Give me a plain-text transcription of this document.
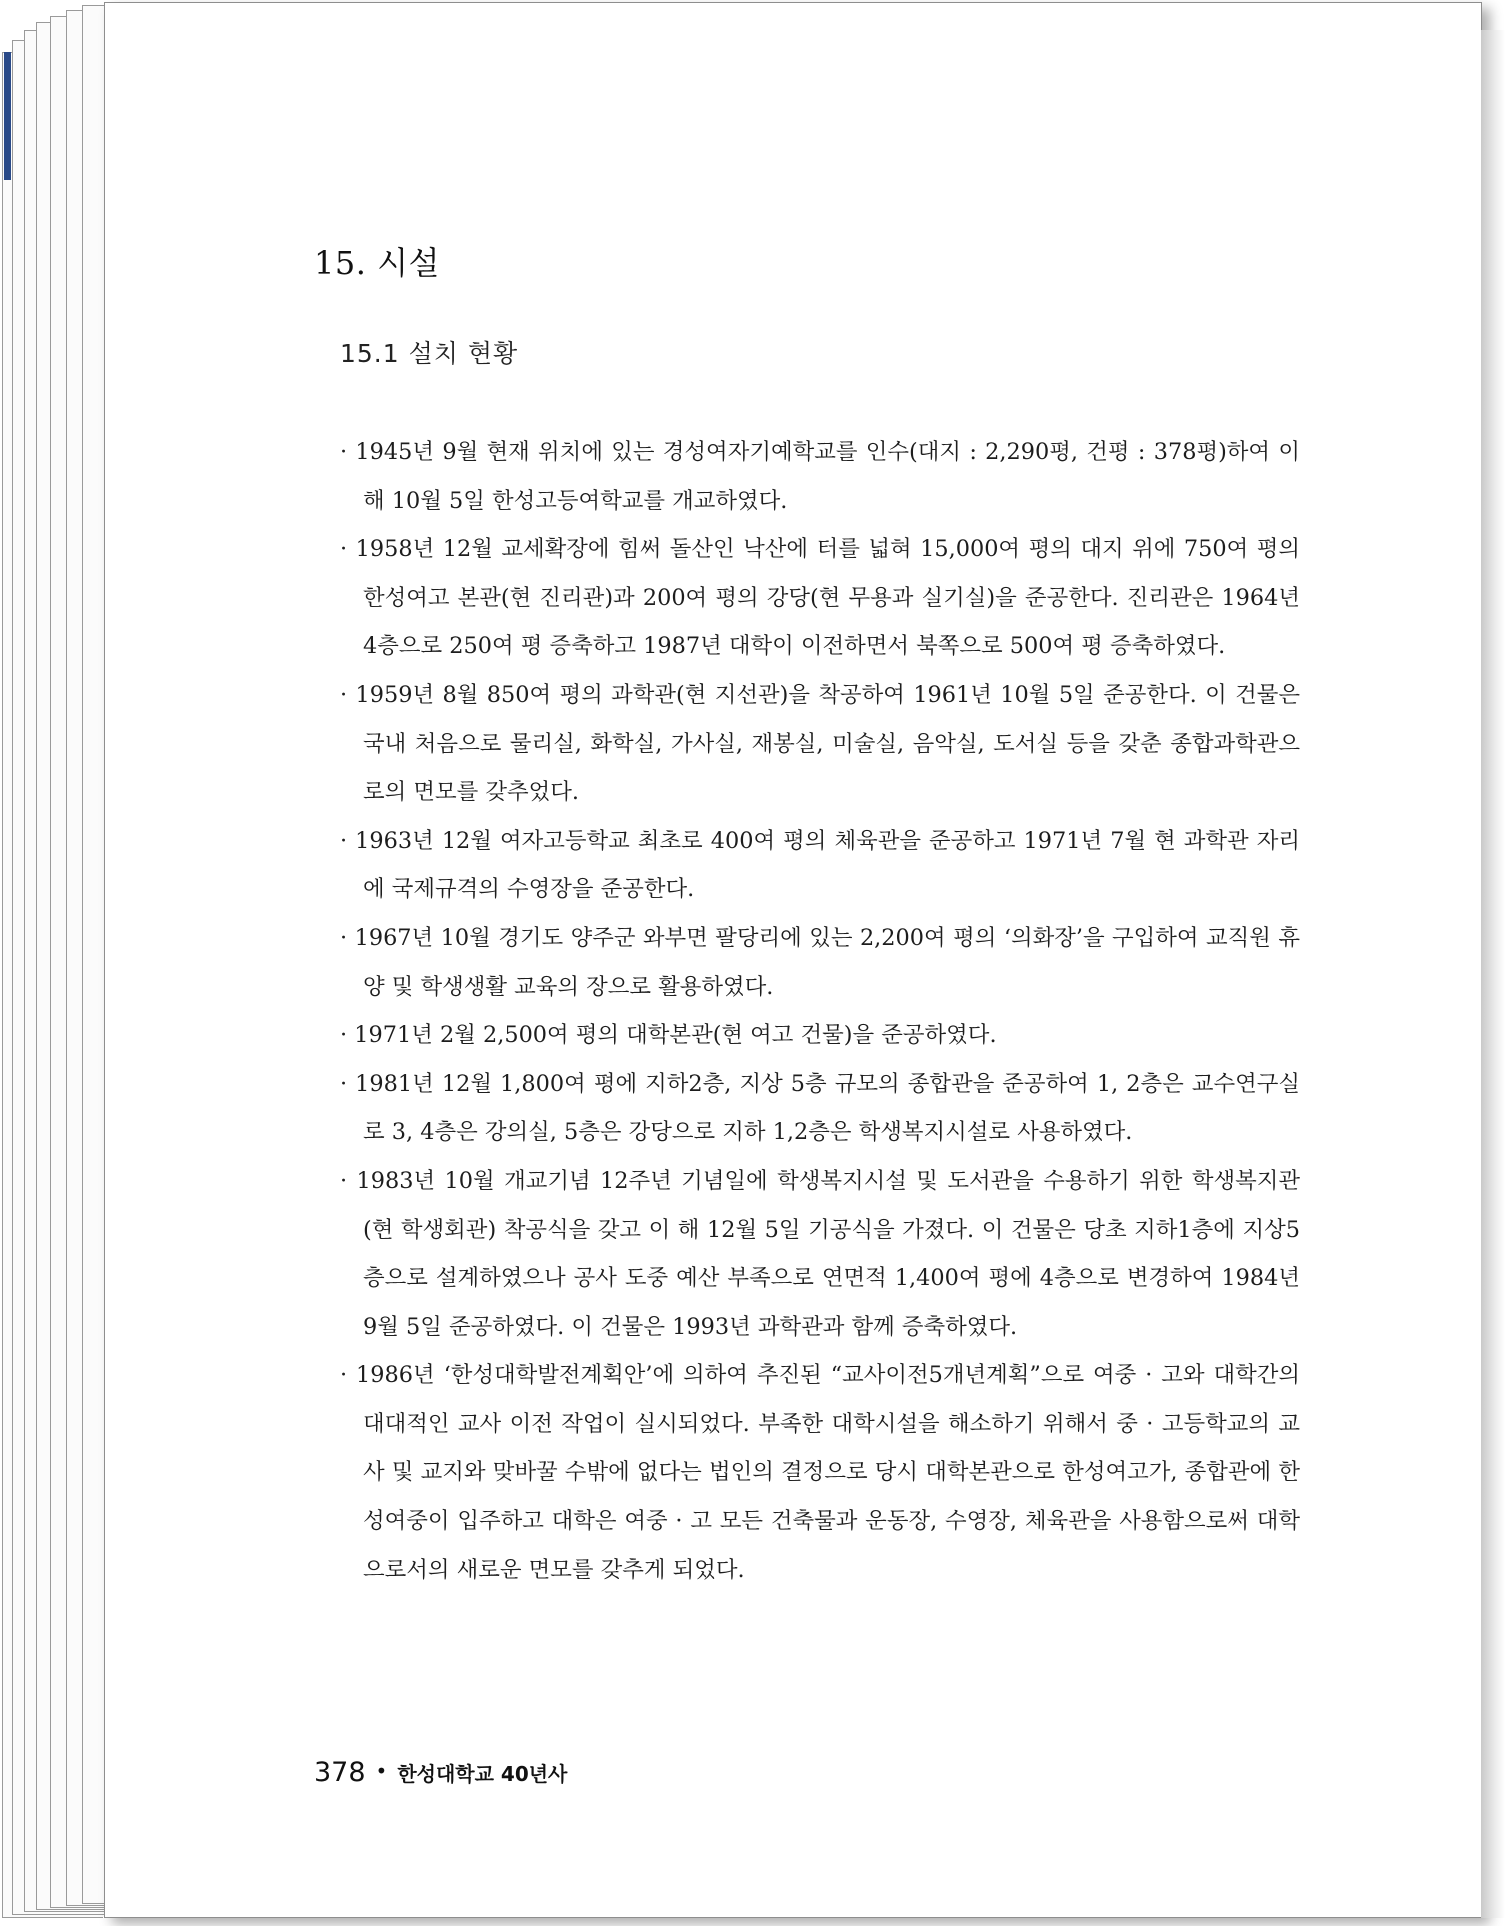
15. 시설
15.1 설치 현황

· 1945년 9월 현재 위치에 있는 경성여자기예학교를 인수(대지 : 2,290평, 건평 : 378평)하여 이 해 10월 5일 한성고등여학교를 개교하였다.

· 1958년 12월 교세확장에 힘써 돌산인 낙산에 터를 넓혀 15,000여 평의 대지 위에 750여 평의 한성여고 본관(현 진리관)과 200여 평의 강당(현 무용과 실기실)을 준공한다. 진리관은 1964년 4층으로 250여 평 증축하고 1987년 대학이 이전하면서 북쪽으로 500여 평 증축하였다.

· 1959년 8월 850여 평의 과학관(현 지선관)을 착공하여 1961년 10월 5일 준공한다. 이 건물은 국내 처음으로 물리실, 화학실, 가사실, 재봉실, 미술실, 음악실, 도서실 등을 갖춘 종합과학관으로의 면모를 갖추었다.

· 1963년 12월 여자고등학교 최초로 400여 평의 체육관을 준공하고 1971년 7월 현 과학관 자리에 국제규격의 수영장을 준공한다.

· 1967년 10월 경기도 양주군 와부면 팔당리에 있는 2,200여 평의 ‘의화장’을 구입하여 교직원 휴양 및 학생생활 교육의 장으로 활용하였다.

· 1971년 2월 2,500여 평의 대학본관(현 여고 건물)을 준공하였다.

· 1981년 12월 1,800여 평에 지하2층, 지상 5층 규모의 종합관을 준공하여 1, 2층은 교수연구실로 3, 4층은 강의실, 5층은 강당으로 지하 1,2층은 학생복지시설로 사용하였다.

· 1983년 10월 개교기념 12주년 기념일에 학생복지시설 및 도서관을 수용하기 위한 학생복지관(현 학생회관) 착공식을 갖고 이 해 12월 5일 기공식을 가졌다. 이 건물은 당초 지하1층에 지상5층으로 설계하였으나 공사 도중 예산 부족으로 연면적 1,400여 평에 4층으로 변경하여 1984년 9월 5일 준공하였다. 이 건물은 1993년 과학관과 함께 증축하였다.

· 1986년 ‘한성대학발전계획안’에 의하여 추진된 “교사이전5개년계획”으로 여중 · 고와 대학간의 대대적인 교사 이전 작업이 실시되었다. 부족한 대학시설을 해소하기 위해서 중 · 고등학교의 교사 및 교지와 맞바꿀 수밖에 없다는 법인의 결정으로 당시 대학본관으로 한성여고가, 종합관에 한성여중이 입주하고 대학은 여중 · 고 모든 건축물과 운동장, 수영장, 체육관을 사용함으로써 대학으로서의 새로운 면모를 갖추게 되었다.

378 • 한성대학교 40년사
